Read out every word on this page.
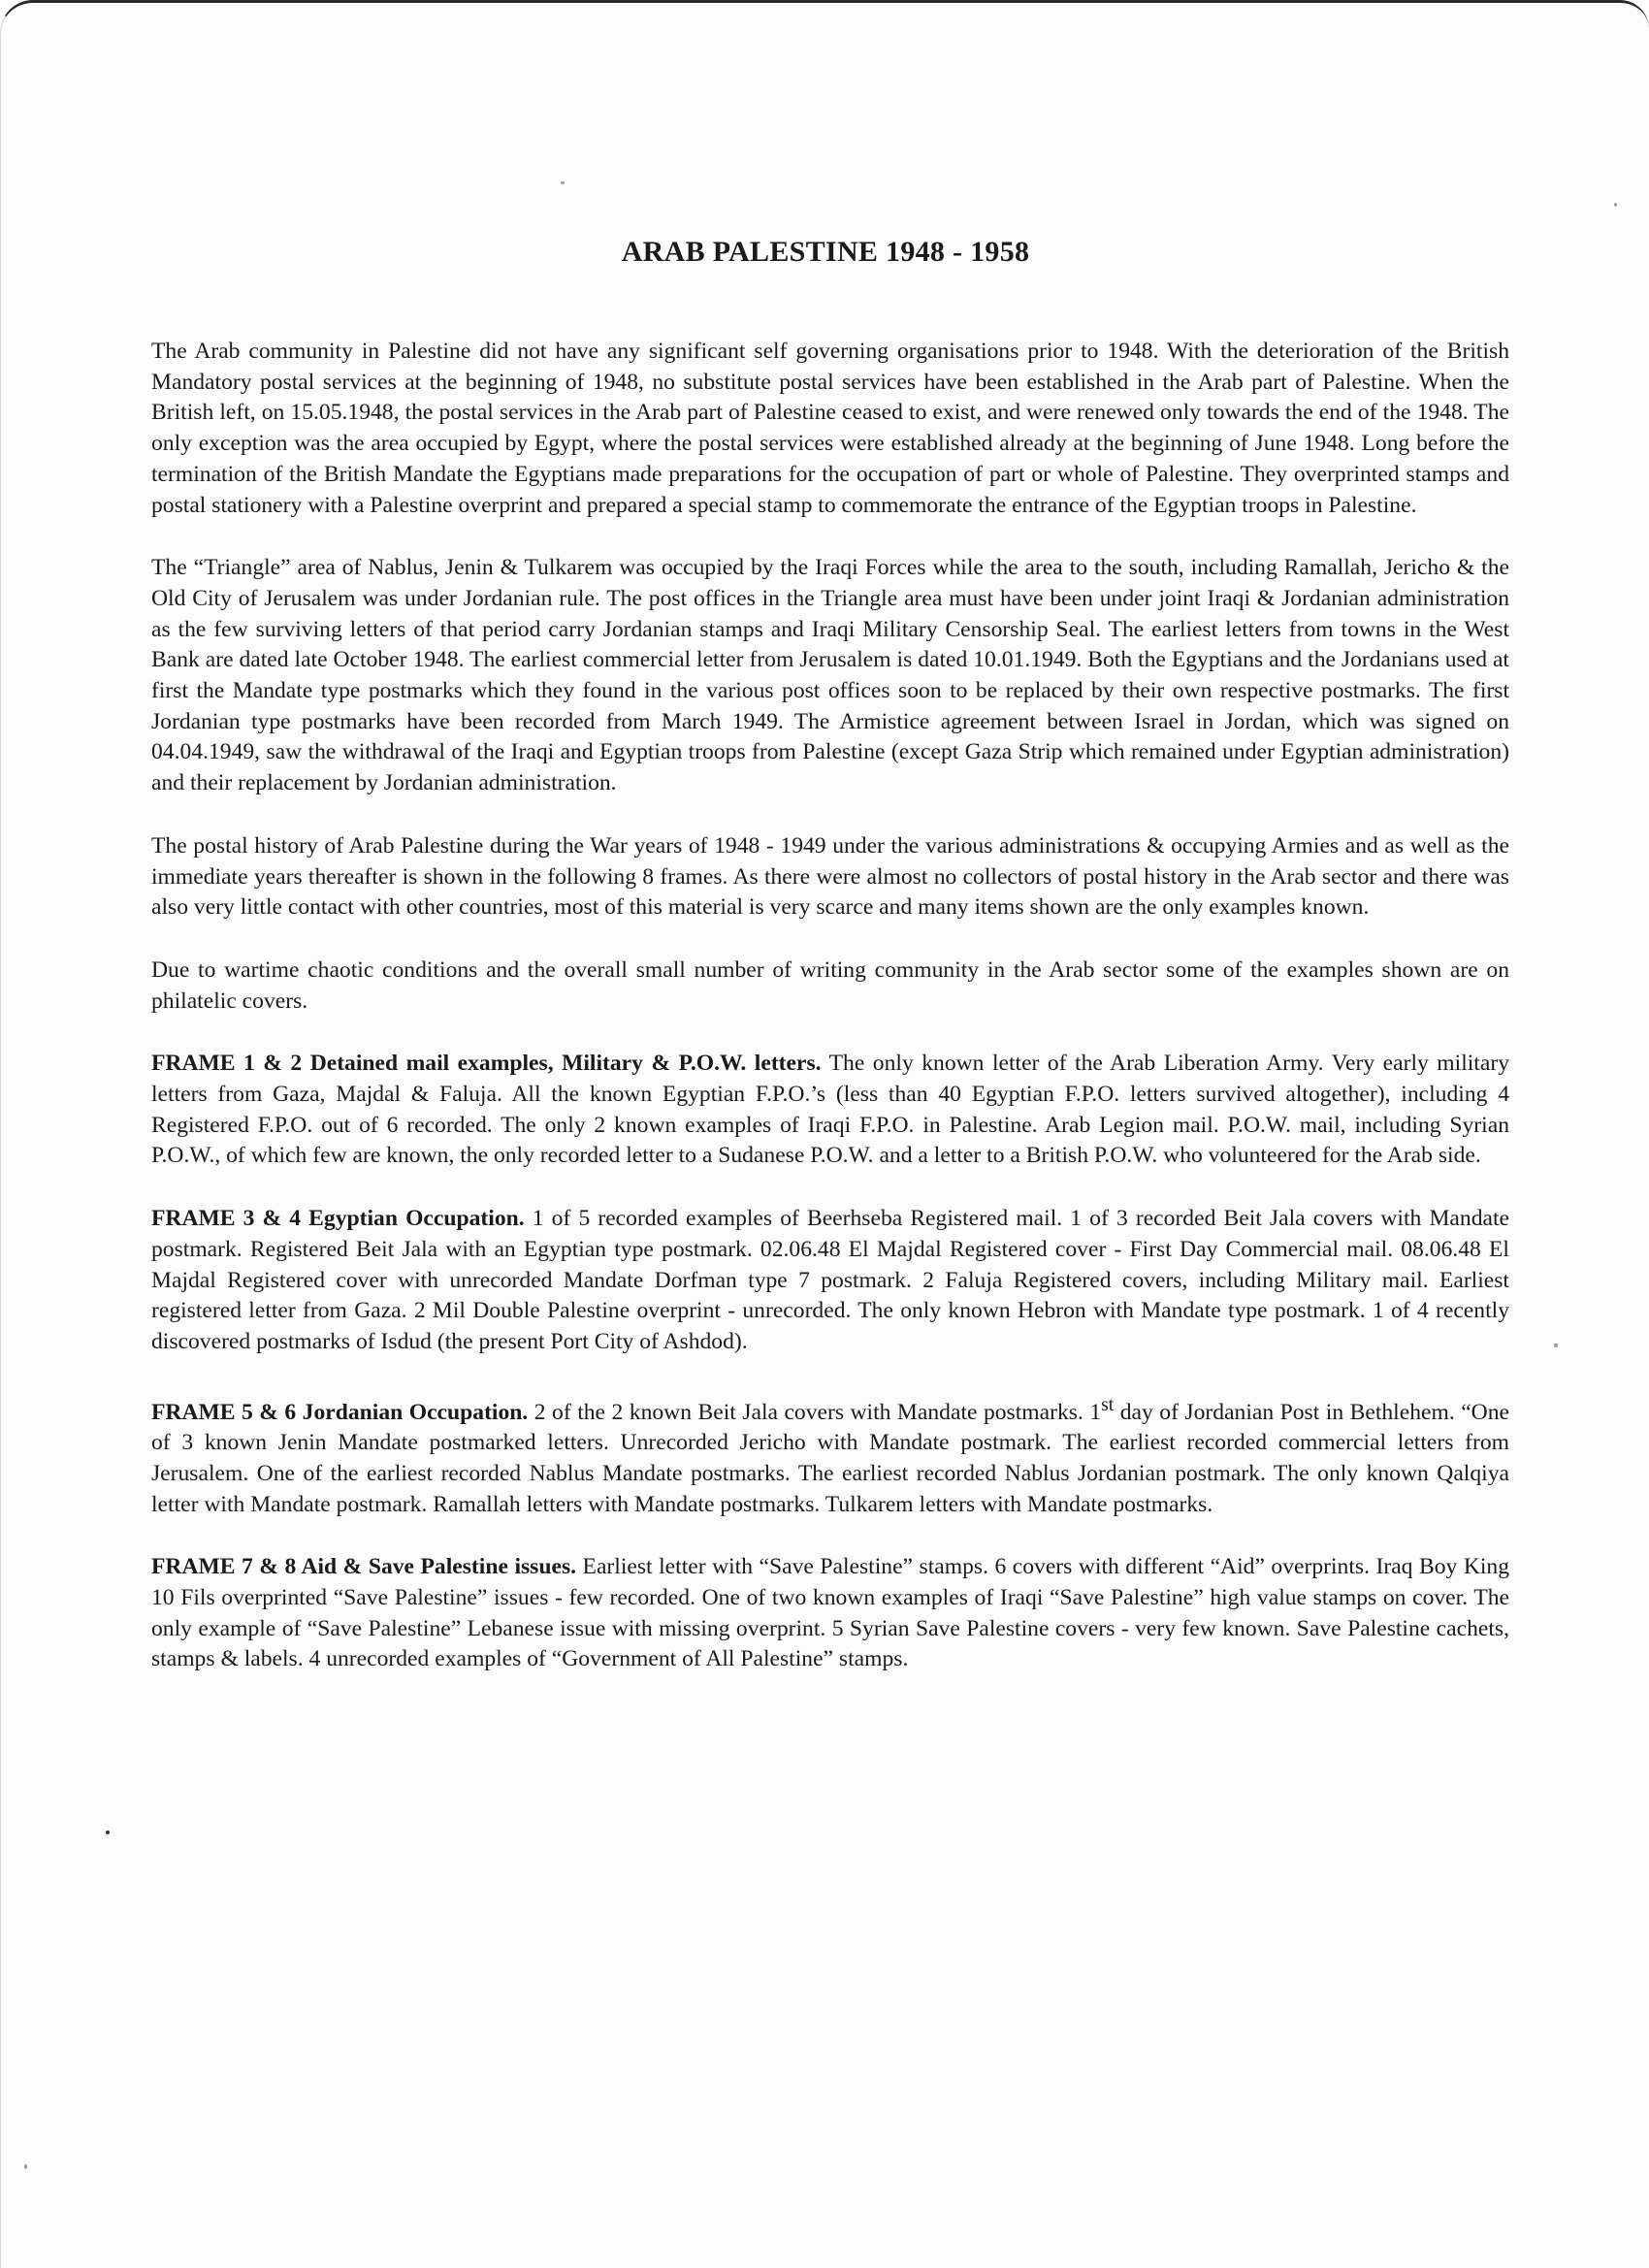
ARAB PALESTINE 1948 - 1958

The Arab community in Palestine did not have any significant self governing organisations prior to 1948. With the deterioration of the British Mandatory postal services at the beginning of 1948, no substitute postal services have been established in the Arab part of Palestine. When the British left, on 15.05.1948, the postal services in the Arab part of Palestine ceased to exist, and were renewed only towards the end of the 1948. The only exception was the area occupied by Egypt, where the postal services were established already at the beginning of June 1948. Long before the termination of the British Mandate the Egyptians made preparations for the occupation of part or whole of Palestine. They overprinted stamps and postal stationery with a Palestine overprint and prepared a special stamp to commemorate the entrance of the Egyptian troops in Palestine.

The “Triangle” area of Nablus, Jenin & Tulkarem was occupied by the Iraqi Forces while the area to the south, including Ramallah, Jericho & the Old City of Jerusalem was under Jordanian rule. The post offices in the Triangle area must have been under joint Iraqi & Jordanian administration as the few surviving letters of that period carry Jordanian stamps and Iraqi Military Censorship Seal. The earliest letters from towns in the West Bank are dated late October 1948. The earliest commercial letter from Jerusalem is dated 10.01.1949. Both the Egyptians and the Jordanians used at first the Mandate type postmarks which they found in the various post offices soon to be replaced by their own respective postmarks. The first Jordanian type postmarks have been recorded from March 1949. The Armistice agreement between Israel in Jordan, which was signed on 04.04.1949, saw the withdrawal of the Iraqi and Egyptian troops from Palestine (except Gaza Strip which remained under Egyptian administration) and their replacement by Jordanian administration.

The postal history of Arab Palestine during the War years of 1948 - 1949 under the various administrations & occupying Armies and as well as the immediate years thereafter is shown in the following 8 frames. As there were almost no collectors of postal history in the Arab sector and there was also very little contact with other countries, most of this material is very scarce and many items shown are the only examples known.

Due to wartime chaotic conditions and the overall small number of writing community in the Arab sector some of the examples shown are on philatelic covers.

FRAME 1 & 2 Detained mail examples, Military & P.O.W. letters. The only known letter of the Arab Liberation Army. Very early military letters from Gaza, Majdal & Faluja. All the known Egyptian F.P.O.’s (less than 40 Egyptian F.P.O. letters survived altogether), including 4 Registered F.P.O. out of 6 recorded. The only 2 known examples of Iraqi F.P.O. in Palestine. Arab Legion mail. P.O.W. mail, including Syrian P.O.W., of which few are known, the only recorded letter to a Sudanese P.O.W. and a letter to a British P.O.W. who volunteered for the Arab side.

FRAME 3 & 4 Egyptian Occupation. 1 of 5 recorded examples of Beerhseba Registered mail. 1 of 3 recorded Beit Jala covers with Mandate postmark. Registered Beit Jala with an Egyptian type postmark. 02.06.48 El Majdal Registered cover - First Day Commercial mail. 08.06.48 El Majdal Registered cover with unrecorded Mandate Dorfman type 7 postmark. 2 Faluja Registered covers, including Military mail. Earliest registered letter from Gaza. 2 Mil Double Palestine overprint - unrecorded. The only known Hebron with Mandate type postmark. 1 of 4 recently discovered postmarks of Isdud (the present Port City of Ashdod).

FRAME 5 & 6 Jordanian Occupation. 2 of the 2 known Beit Jala covers with Mandate postmarks. 1st day of Jordanian Post in Bethlehem. “One of 3 known Jenin Mandate postmarked letters. Unrecorded Jericho with Mandate postmark. The earliest recorded commercial letters from Jerusalem. One of the earliest recorded Nablus Mandate postmarks. The earliest recorded Nablus Jordanian postmark. The only known Qalqiya letter with Mandate postmark. Ramallah letters with Mandate postmarks. Tulkarem letters with Mandate postmarks.

FRAME 7 & 8 Aid & Save Palestine issues. Earliest letter with “Save Palestine” stamps. 6 covers with different “Aid” overprints. Iraq Boy King 10 Fils overprinted “Save Palestine” issues - few recorded. One of two known examples of Iraqi “Save Palestine” high value stamps on cover. The only example of “Save Palestine” Lebanese issue with missing overprint. 5 Syrian Save Palestine covers - very few known. Save Palestine cachets, stamps & labels. 4 unrecorded examples of “Government of All Palestine” stamps.
